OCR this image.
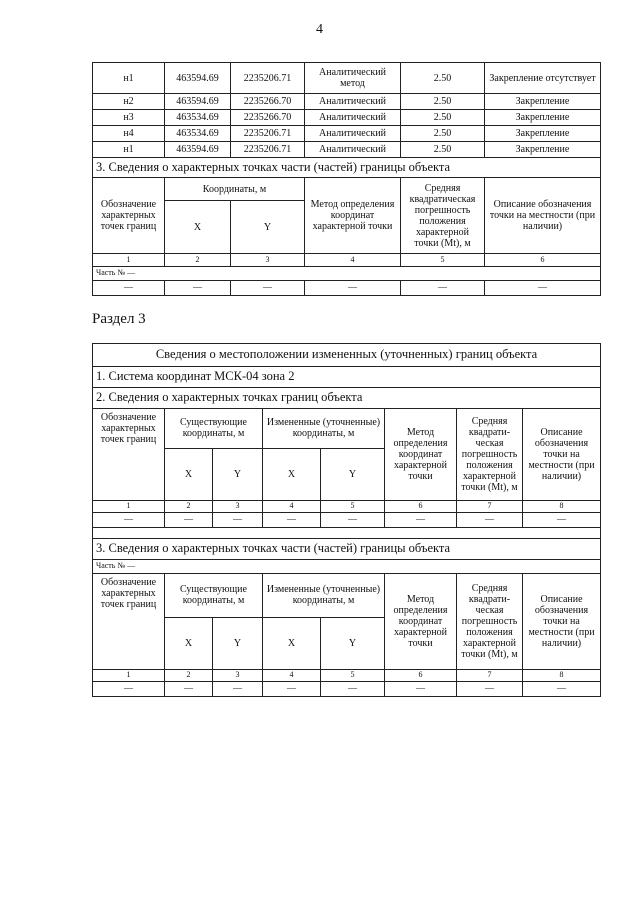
4
н1	463594.69	2235206.71	Аналитический метод	2.50	Закрепление отсутствует
н2	463594.69	2235266.70	Аналитический	2.50	Закрепление
н3	463534.69	2235266.70	Аналитический	2.50	Закрепление
н4	463534.69	2235206.71	Аналитический	2.50	Закрепление
н1	463594.69	2235206.71	Аналитический	2.50	Закрепление
3. Сведения о характерных точках части (частей) границы объекта					
Обозначение характерных точек границ	Координаты, м		Метод определения координат характерной точки	Средняя квадратическая погрешность положения характерной точки (Mt), м	Описание обозначения точки на местности (при наличии)
	X	Y			
1	2	3	4	5	6
Часть № —					
—	—	—	—	—	—
Раздел 3
Сведения о местоположении измененных (уточненных) границ объекта							
1. Система координат МСК-04 зона 2							
2. Сведения о характерных точках границ объекта							
Обозначение характерных точек границ	Существующие координаты, м		Измененные (уточненные) координаты, м		Метод определения координат характерной точки	Средняя квадрати-ческая погрешность положения характерной точки (Mt), м	Описание обозначения точки на местности (при наличии)
	X	Y	X	Y			
1	2	3	4	5	6	7	8
—	—	—	—	—	—	—	—

3. Сведения о характерных точках части (частей) границы объекта							
Часть № —							
Обозначение характерных точек границ	Существующие координаты, м		Измененные (уточненные) координаты, м		Метод определения координат характерной точки	Средняя квадрати-ческая погрешность положения характерной точки (Mt), м	Описание обозначения точки на местности (при наличии)
	X	Y	X	Y			
1	2	3	4	5	6	7	8
—	—	—	—	—	—	—	—
